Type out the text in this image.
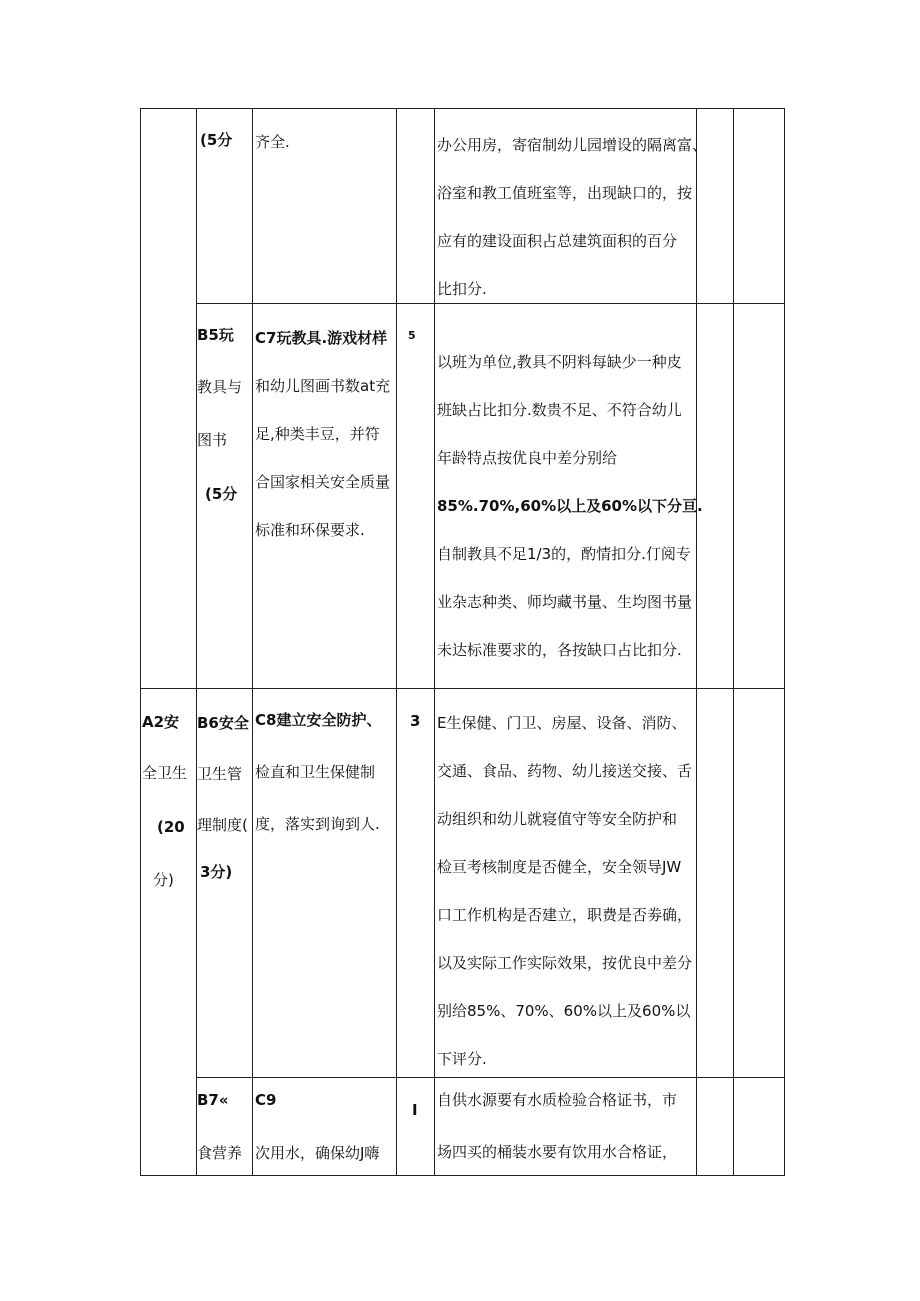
(5分 齐全.	办公用房，寄宿制幼儿园增设的隔离富、
浴室和教工值班室等，出现缺口的，按
应有的建设面积占总建筑面积的百分
比扣分.
B5玩
教具与
图书
(5分
C7玩教具.游戏材样
和幼儿图画书数at充
足,种类丰豆，并符
合国家相关安全质量
标准和环保要求.
以班为单位,教具不阴料每缺少一种皮
班缺占比扣分.数贵不足、不符合幼儿
年龄特点按优良中差分别给
85%.70%,60%以上及60%以下分亘.
自制教具不足1/3的，酌情扣分.仃阅专
业杂志种类、师均藏书量、生均图书量
未达标准要求的，各按缺口占比扣分.
5
A2安
全卫生
(20
分)
B6安全
卫生管
理制度(
3分)
C8建立安全防护、
检直和卫生保健制
度，落实到询到人.
E生保健、门卫、房屋、设备、消防、
交通、食品、药物、幼儿接送交接、舌
动组织和幼儿就寝值守等安全防护和
检亘考核制度是否健全，安全领导JW
口工作机构是否建立，职费是否劵确，
以及实际工作实际效果，按优良中差分
别给85%、70%、60%以上及60%以
下评分.
3
B7«
食营养
C9
次用水，确保幼J嗨
自供水源要有水质检验合格证书，市
场四买的桶装水要有饮用水合格证，
I
